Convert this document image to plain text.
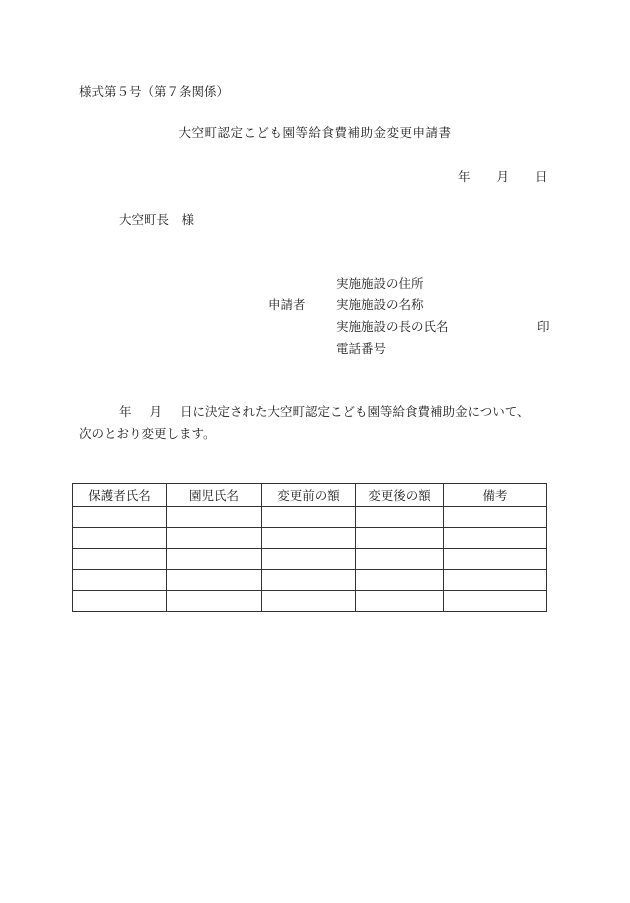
様式第５号（第７条関係）
大空町認定こども園等給食費補助金変更申請書
年 月 日
大空町長　様
申請者
実施施設の住所
実施施設の名称
実施施設の長の氏名
電話番号
印
年 月 日に決定された大空町認定こども園等給食費補助金について、
次のとおり変更します。
保護者氏名	園児氏名	変更前の額	変更後の額	備考
